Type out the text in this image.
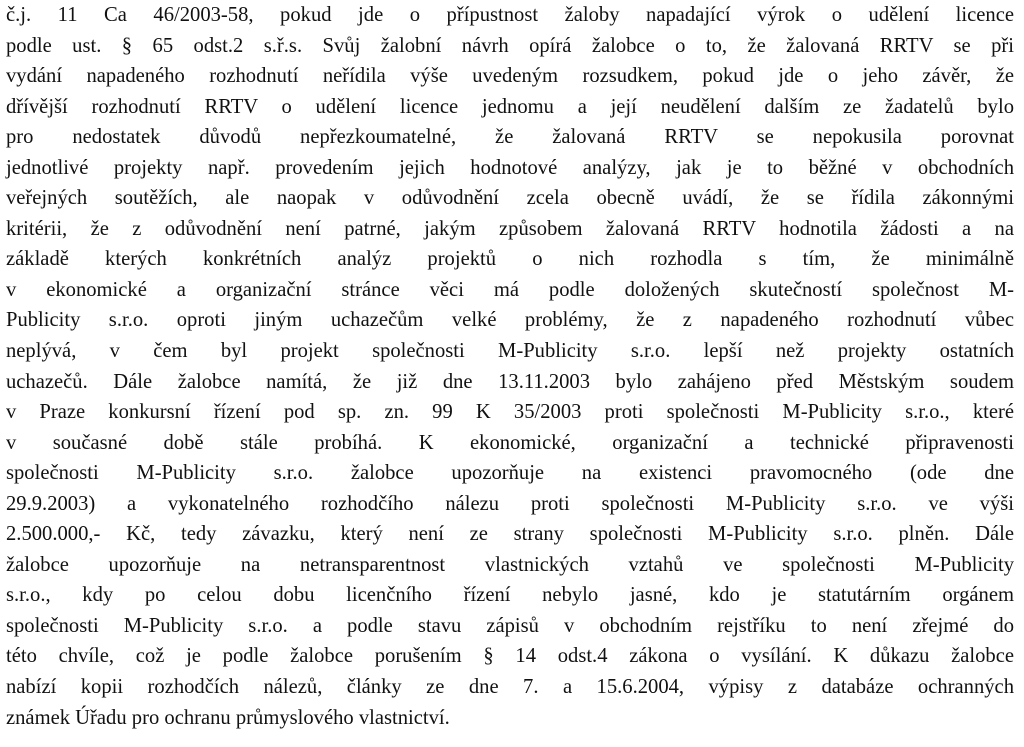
č.j. 11 Ca 46/2003-58, pokud jde o přípustnost žaloby napadající výrok o udělení licence
podle ust. § 65 odst.2 s.ř.s. Svůj žalobní návrh opírá žalobce o to, že žalovaná RRTV se při
vydání napadeného rozhodnutí neřídila výše uvedeným rozsudkem, pokud jde o jeho závěr, že
dřívější rozhodnutí RRTV o udělení licence jednomu a její neudělení dalším ze žadatelů bylo
pro nedostatek důvodů nepřezkoumatelné, že žalovaná RRTV se nepokusila porovnat
jednotlivé projekty např. provedením jejich hodnotové analýzy, jak je to běžné v obchodních
veřejných soutěžích, ale naopak v odůvodnění zcela obecně uvádí, že se řídila zákonnými
kritérii, že z odůvodnění není patrné, jakým způsobem žalovaná RRTV hodnotila žádosti a na
základě kterých konkrétních analýz projektů o nich rozhodla s tím, že minimálně
v ekonomické a organizační stránce věci má podle doložených skutečností společnost M-
Publicity s.r.o. oproti jiným uchazečům velké problémy, že z napadeného rozhodnutí vůbec
neplývá, v čem byl projekt společnosti M-Publicity s.r.o. lepší než projekty ostatních
uchazečů. Dále žalobce namítá, že již dne 13.11.2003 bylo zahájeno před Městským soudem
v Praze konkursní řízení pod sp. zn. 99 K 35/2003 proti společnosti M-Publicity s.r.o., které
v současné době stále probíhá. K ekonomické, organizační a technické připravenosti
společnosti M-Publicity s.r.o. žalobce upozorňuje na existenci pravomocného (ode dne
29.9.2003) a vykonatelného rozhodčího nálezu proti společnosti M-Publicity s.r.o. ve výši
2.500.000,- Kč, tedy závazku, který není ze strany společnosti M-Publicity s.r.o. plněn. Dále
žalobce upozorňuje na netransparentnost vlastnických vztahů ve společnosti M-Publicity
s.r.o., kdy po celou dobu licenčního řízení nebylo jasné, kdo je statutárním orgánem
společnosti M-Publicity s.r.o. a podle stavu zápisů v obchodním rejstříku to není zřejmé do
této chvíle, což je podle žalobce porušením § 14 odst.4 zákona o vysílání. K důkazu žalobce
nabízí kopii rozhodčích nálezů, články ze dne 7. a 15.6.2004, výpisy z databáze ochranných
známek Úřadu pro ochranu průmyslového vlastnictví.
